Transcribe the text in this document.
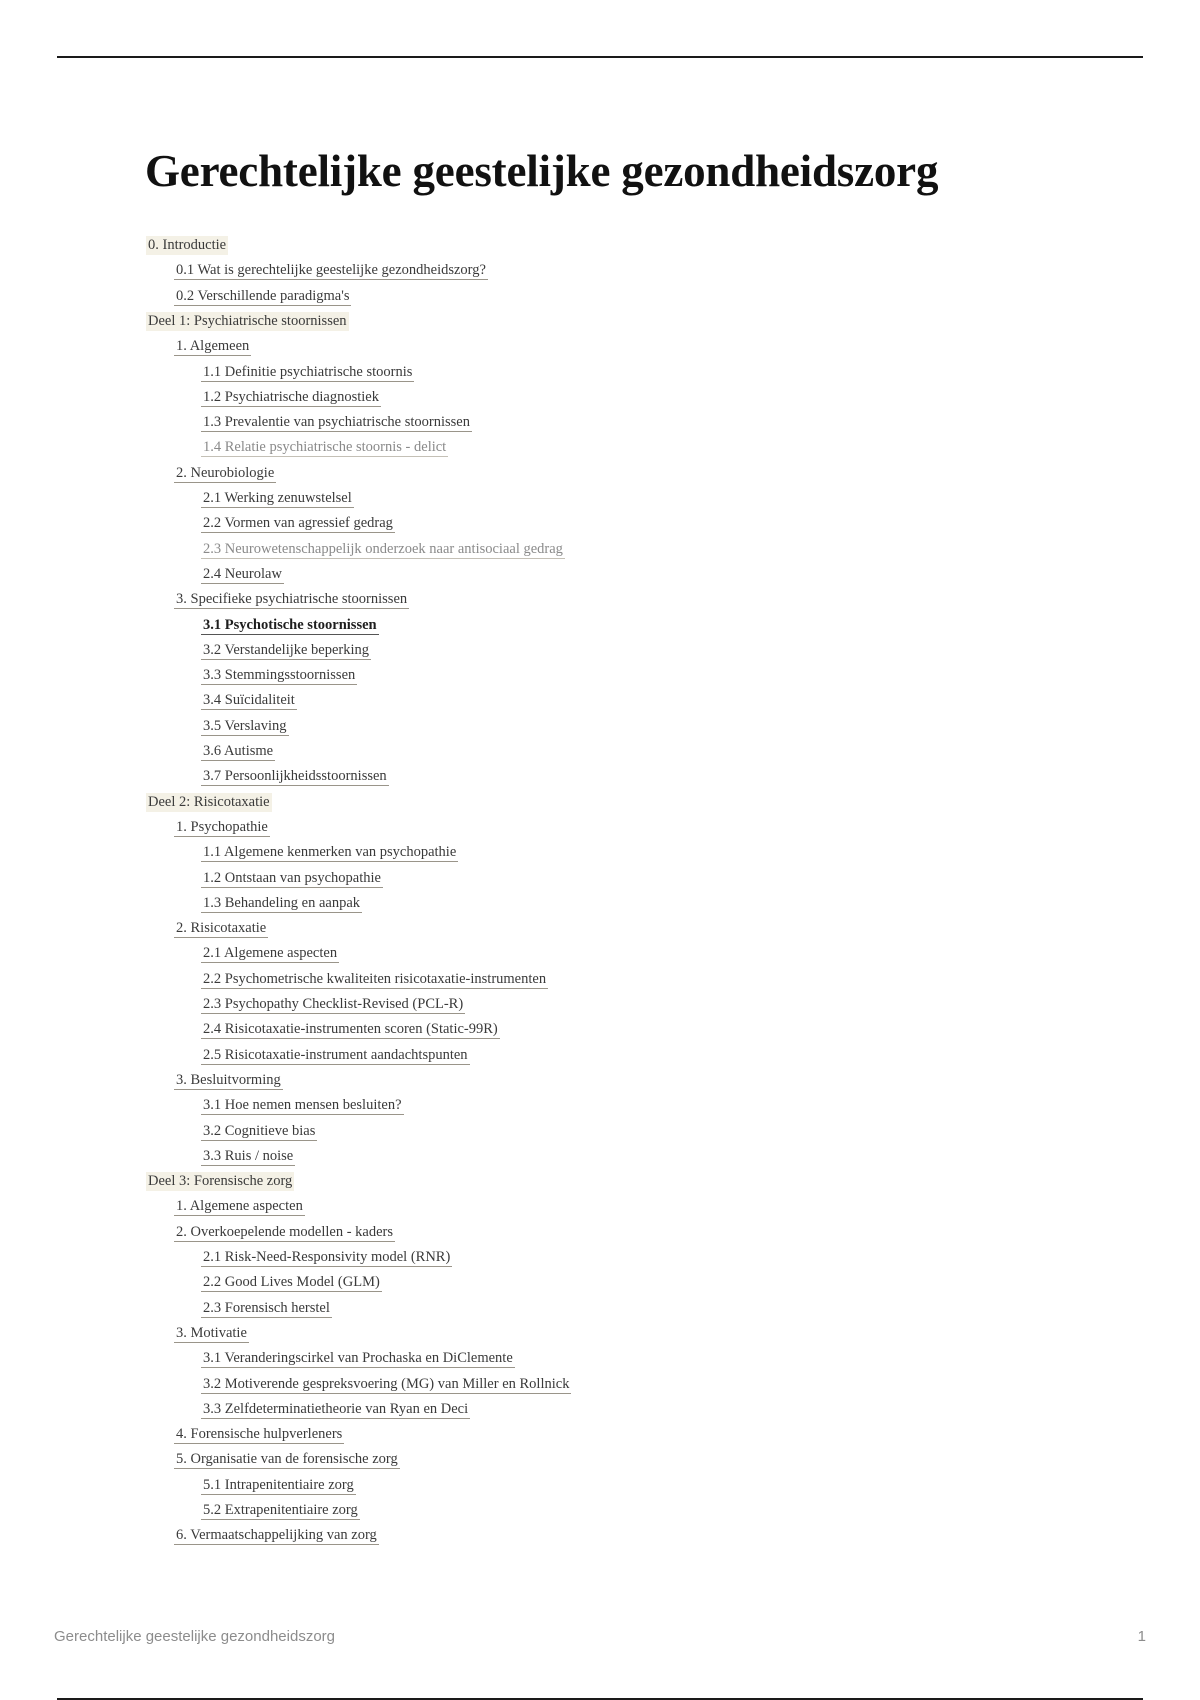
Gerechtelijke geestelijke gezondheidszorg
0. Introductie
0.1 Wat is gerechtelijke geestelijke gezondheidszorg?
0.2 Verschillende paradigma's
Deel 1: Psychiatrische stoornissen
1. Algemeen
1.1 Definitie psychiatrische stoornis
1.2 Psychiatrische diagnostiek
1.3 Prevalentie van psychiatrische stoornissen
1.4 Relatie psychiatrische stoornis - delict
2. Neurobiologie
2.1 Werking zenuwstelsel
2.2 Vormen van agressief gedrag
2.3 Neurowetenschappelijk onderzoek naar antisociaal gedrag
2.4 Neurolaw
3. Specifieke psychiatrische stoornissen
3.1 Psychotische stoornissen
3.2 Verstandelijke beperking
3.3 Stemmingsstoornissen
3.4 Suïcidaliteit
3.5 Verslaving
3.6 Autisme
3.7 Persoonlijkheidsstoornissen
Deel 2: Risicotaxatie
1. Psychopathie
1.1 Algemene kenmerken van psychopathie
1.2 Ontstaan van psychopathie
1.3 Behandeling en aanpak
2. Risicotaxatie
2.1 Algemene aspecten
2.2 Psychometrische kwaliteiten risicotaxatie-instrumenten
2.3 Psychopathy Checklist-Revised (PCL-R)
2.4 Risicotaxatie-instrumenten scoren (Static-99R)
2.5 Risicotaxatie-instrument aandachtspunten
3. Besluitvorming
3.1 Hoe nemen mensen besluiten?
3.2 Cognitieve bias
3.3 Ruis / noise
Deel 3: Forensische zorg
1. Algemene aspecten
2. Overkoepelende modellen - kaders
2.1 Risk-Need-Responsivity model (RNR)
2.2 Good Lives Model (GLM)
2.3 Forensisch herstel
3. Motivatie
3.1 Veranderingscirkel van Prochaska en DiClemente
3.2 Motiverende gespreksvoering (MG) van Miller en Rollnick
3.3 Zelfdeterminatietheorie van Ryan en Deci
4. Forensische hulpverleners
5. Organisatie van de forensische zorg
5.1 Intrapenitentiaire zorg
5.2 Extrapenitentiaire zorg
6. Vermaatschappelijking van zorg
Gerechtelijke geestelijke gezondheidszorg	1
